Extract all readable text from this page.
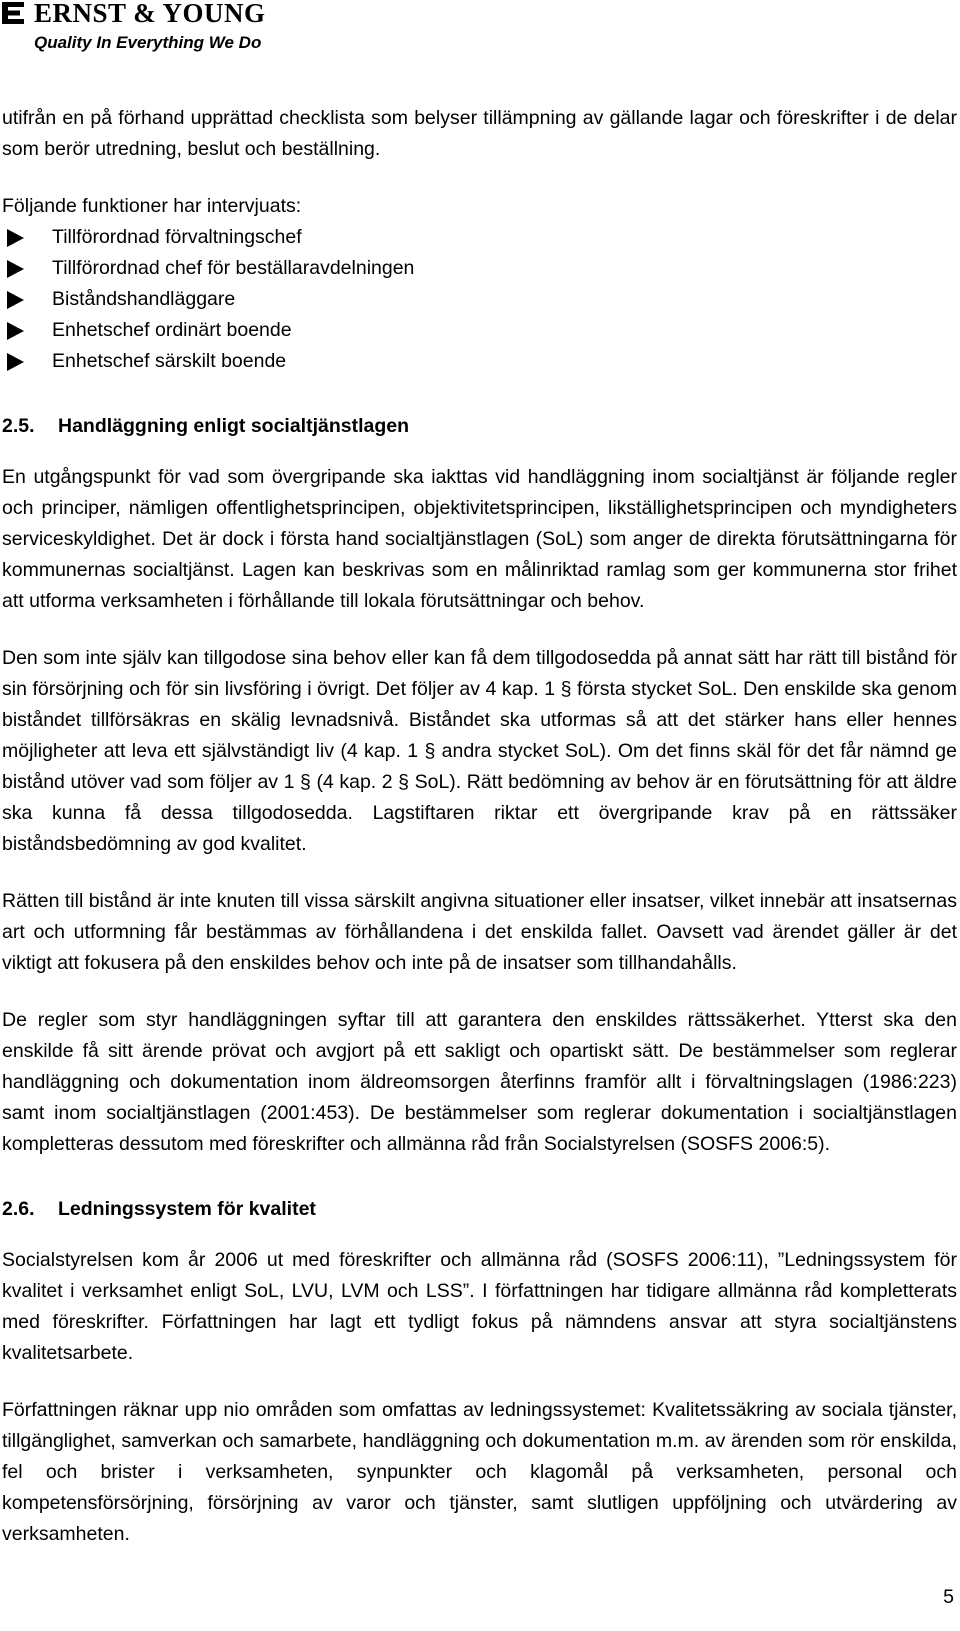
ERNST & YOUNG
Quality In Everything We Do

utifrån en på förhand upprättad checklista som belyser tillämpning av gällande lagar och föreskrifter i de delar som berör utredning, beslut och beställning.

Följande funktioner har intervjuats:

Tillförordnad förvaltningschef
Tillförordnad chef för beställaravdelningen
Biståndshandläggare
Enhetschef ordinärt boende
Enhetschef särskilt boende
2.5.	Handläggning enligt socialtjänstlagen

En utgångspunkt för vad som övergripande ska iakttas vid handläggning inom socialtjänst är följande regler och principer, nämligen offentlighetsprincipen, objektivitetsprincipen, likställighetsprincipen och myndigheters serviceskyldighet. Det är dock i första hand socialtjänstlagen (SoL) som anger de direkta förutsättningarna för kommunernas socialtjänst. Lagen kan beskrivas som en målinriktad ramlag som ger kommunerna stor frihet att utforma verksamheten i förhållande till lokala förutsättningar och behov.

Den som inte själv kan tillgodose sina behov eller kan få dem tillgodosedda på annat sätt har rätt till bistånd för sin försörjning och för sin livsföring i övrigt. Det följer av 4 kap. 1 § första stycket SoL. Den enskilde ska genom biståndet tillförsäkras en skälig levnadsnivå. Biståndet ska utformas så att det stärker hans eller hennes möjligheter att leva ett självständigt liv (4 kap. 1 § andra stycket SoL). Om det finns skäl för det får nämnd ge bistånd utöver vad som följer av 1 § (4 kap. 2 § SoL). Rätt bedömning av behov är en förutsättning för att äldre ska kunna få dessa tillgodosedda. Lagstiftaren riktar ett övergripande krav på en rättssäker biståndsbedömning av god kvalitet.

Rätten till bistånd är inte knuten till vissa särskilt angivna situationer eller insatser, vilket innebär att insatsernas art och utformning får bestämmas av förhållandena i det enskilda fallet. Oavsett vad ärendet gäller är det viktigt att fokusera på den enskildes behov och inte på de insatser som tillhandahålls.

De regler som styr handläggningen syftar till att garantera den enskildes rättssäkerhet. Ytterst ska den enskilde få sitt ärende prövat och avgjort på ett sakligt och opartiskt sätt. De bestämmelser som reglerar handläggning och dokumentation inom äldreomsorgen återfinns framför allt i förvaltningslagen (1986:223) samt inom socialtjänstlagen (2001:453). De bestämmelser som reglerar dokumentation i socialtjänstlagen kompletteras dessutom med föreskrifter och allmänna råd från Socialstyrelsen (SOSFS 2006:5).

2.6.	Ledningssystem för kvalitet

Socialstyrelsen kom år 2006 ut med föreskrifter och allmänna råd (SOSFS 2006:11), ”Ledningssystem för kvalitet i verksamhet enligt SoL, LVU, LVM och LSS”. I författningen har tidigare allmänna råd kompletterats med föreskrifter. Författningen har lagt ett tydligt fokus på nämndens ansvar att styra socialtjänstens kvalitetsarbete.

Författningen räknar upp nio områden som omfattas av ledningssystemet: Kvalitetssäkring av sociala tjänster, tillgänglighet, samverkan och samarbete, handläggning och dokumentation m.m. av ärenden som rör enskilda, fel och brister i verksamheten, synpunkter och klagomål på verksamheten, personal och kompetensförsörjning, försörjning av varor och tjänster, samt slutligen uppföljning och utvärdering av verksamheten.

5
